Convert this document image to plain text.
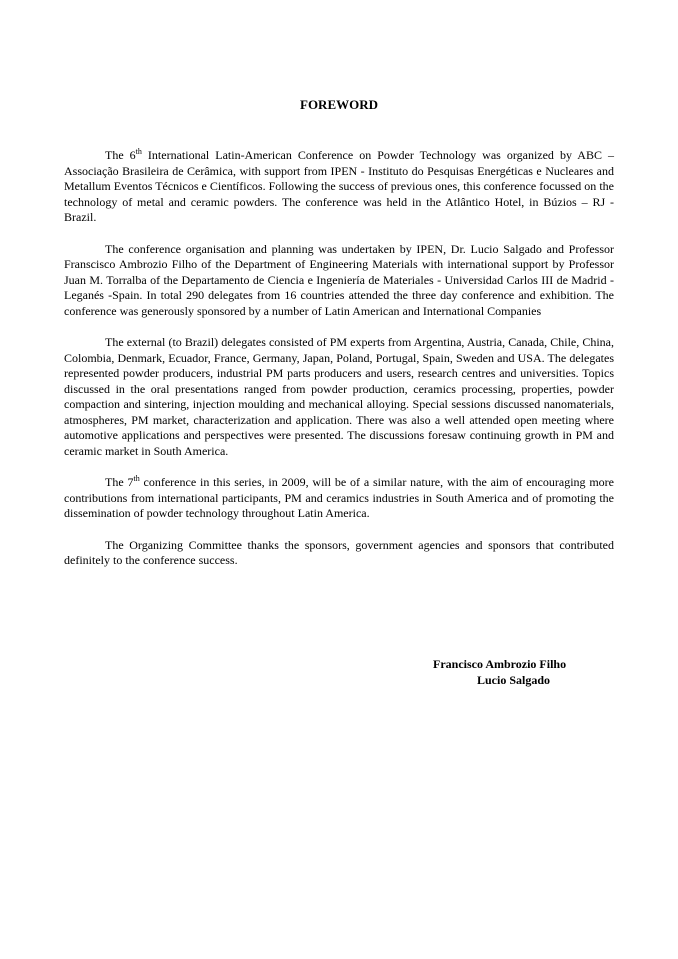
FOREWORD

The 6th International Latin-American Conference on Powder Technology was organized by ABC – Associação Brasileira de Cerâmica, with support from IPEN - Instituto do Pesquisas Energéticas e Nucleares and Metallum Eventos Técnicos e Científicos. Following the success of previous ones, this conference focussed on the technology of metal and ceramic powders. The conference was held in the Atlântico Hotel, in Búzios – RJ - Brazil.

The conference organisation and planning was undertaken by IPEN, Dr. Lucio Salgado and Professor Franscisco Ambrozio Filho of the Department of Engineering Materials with international support by Professor Juan M. Torralba of the Departamento de Ciencia e Ingeniería de Materiales - Universidad Carlos III de Madrid - Leganés -Spain. In total 290 delegates from 16 countries attended the three day conference and exhibition. The conference was generously sponsored by a number of Latin American and International Companies

The external (to Brazil) delegates consisted of PM experts from Argentina, Austria, Canada, Chile, China, Colombia, Denmark, Ecuador, France, Germany, Japan, Poland, Portugal, Spain, Sweden and USA. The delegates represented powder producers, industrial PM parts producers and users, research centres and universities. Topics discussed in the oral presentations ranged from powder production, ceramics processing, properties, powder compaction and sintering, injection moulding and mechanical alloying. Special sessions discussed nanomaterials, atmospheres, PM market, characterization and application. There was also a well attended open meeting where automotive applications and perspectives were presented. The discussions foresaw continuing growth in PM and ceramic market in South America.

The 7th conference in this series, in 2009, will be of a similar nature, with the aim of encouraging more contributions from international participants, PM and ceramics industries in South America and of promoting the dissemination of powder technology throughout Latin America.

The Organizing Committee thanks the sponsors, government agencies and sponsors that contributed definitely to the conference success.

Francisco Ambrozio Filho
Lucio Salgado
